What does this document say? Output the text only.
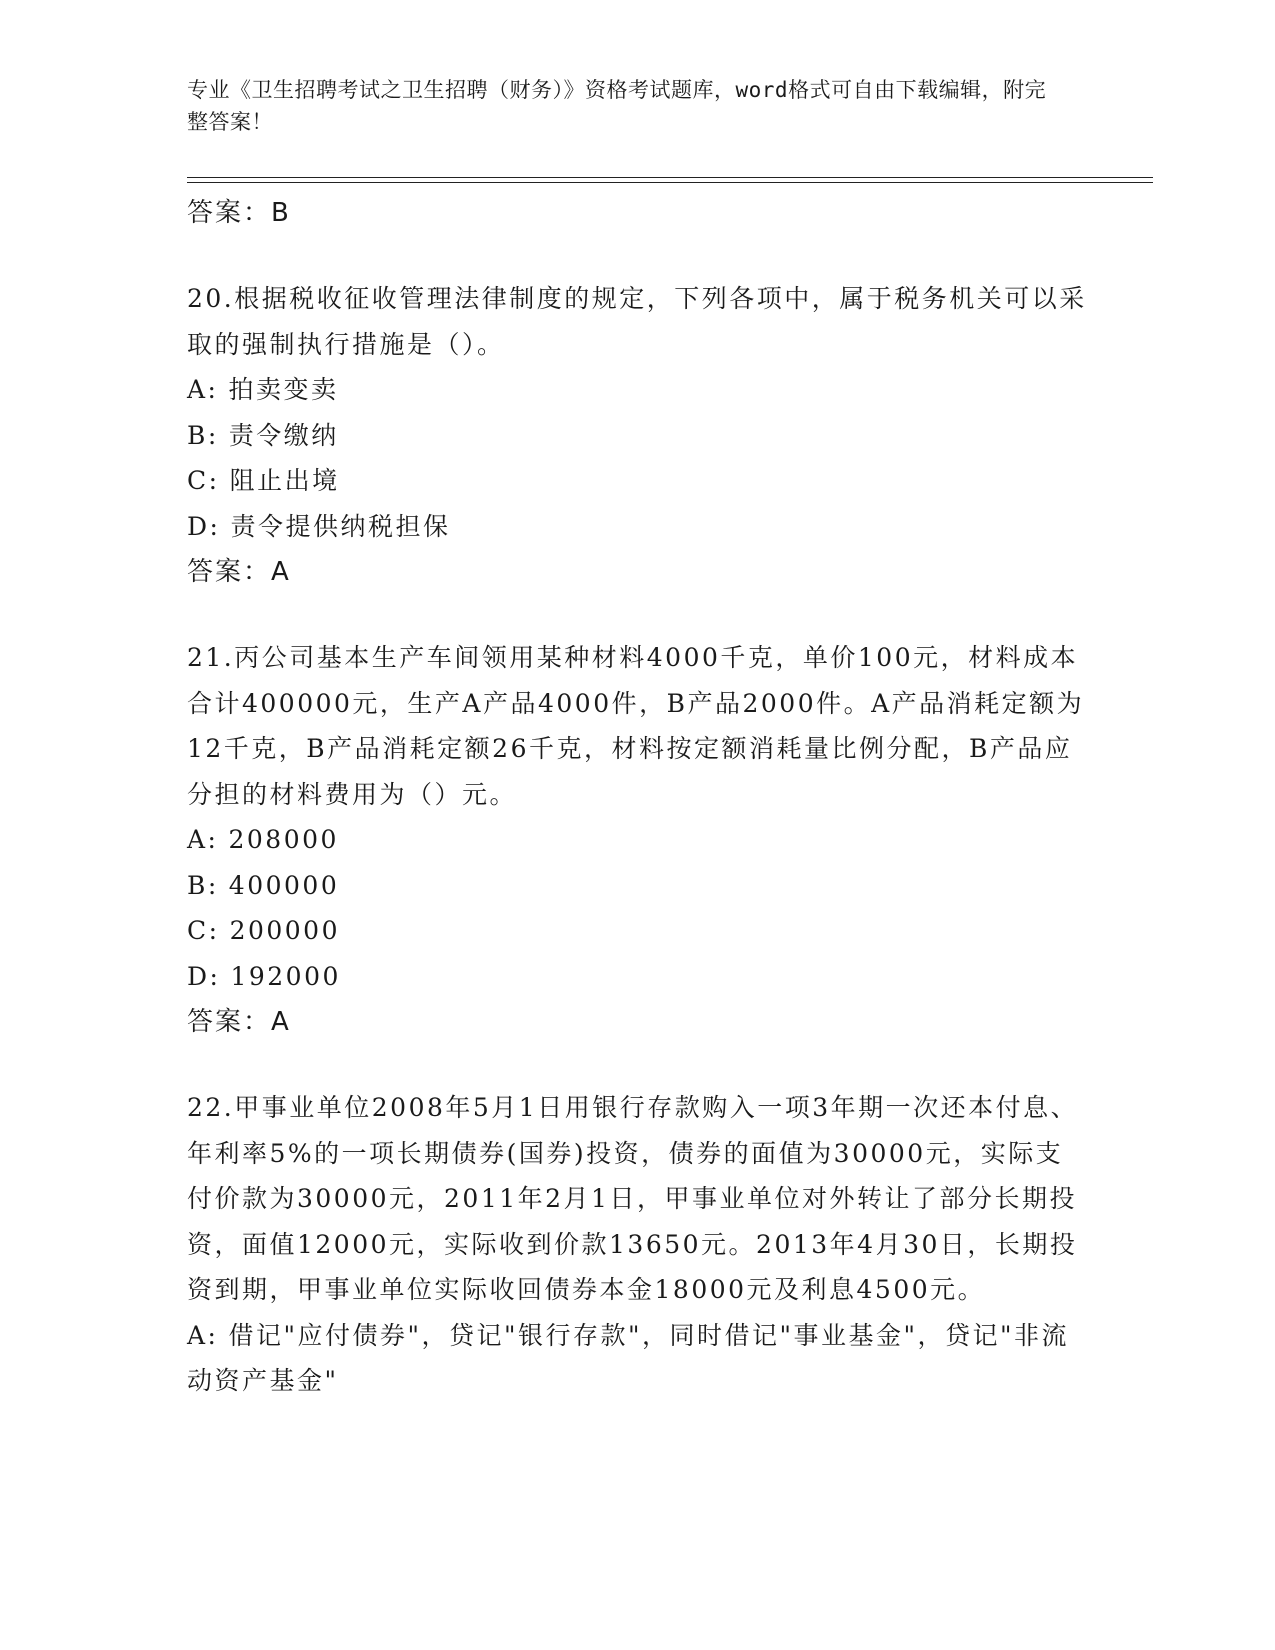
专业《卫生招聘考试之卫生招聘（财务）》资格考试题库，word格式可自由下载编辑，附完整答案！

答案：B

20.根据税收征收管理法律制度的规定，下列各项中，属于税务机关可以采取的强制执行措施是（）。

A: 拍卖变卖

B: 责令缴纳

C: 阻止出境

D: 责令提供纳税担保

答案：A

21.丙公司基本生产车间领用某种材料4000千克，单价100元，材料成本合计400000元，生产A产品4000件，B产品2000件。A产品消耗定额为12千克，B产品消耗定额26千克，材料按定额消耗量比例分配，B产品应分担的材料费用为（）元。

A: 208000

B: 400000

C: 200000

D: 192000

答案：A

22.甲事业单位2008年5月1日用银行存款购入一项3年期一次还本付息、年利率5%的一项长期债券(国券)投资，债券的面值为30000元，实际支付价款为30000元，2011年2月1日，甲事业单位对外转让了部分长期投资，面值12000元，实际收到价款13650元。2013年4月30日，长期投资到期，甲事业单位实际收回债券本金18000元及利息4500元。

A: 借记"应付债券"，贷记"银行存款"，同时借记"事业基金"，贷记"非流动资产基金"
